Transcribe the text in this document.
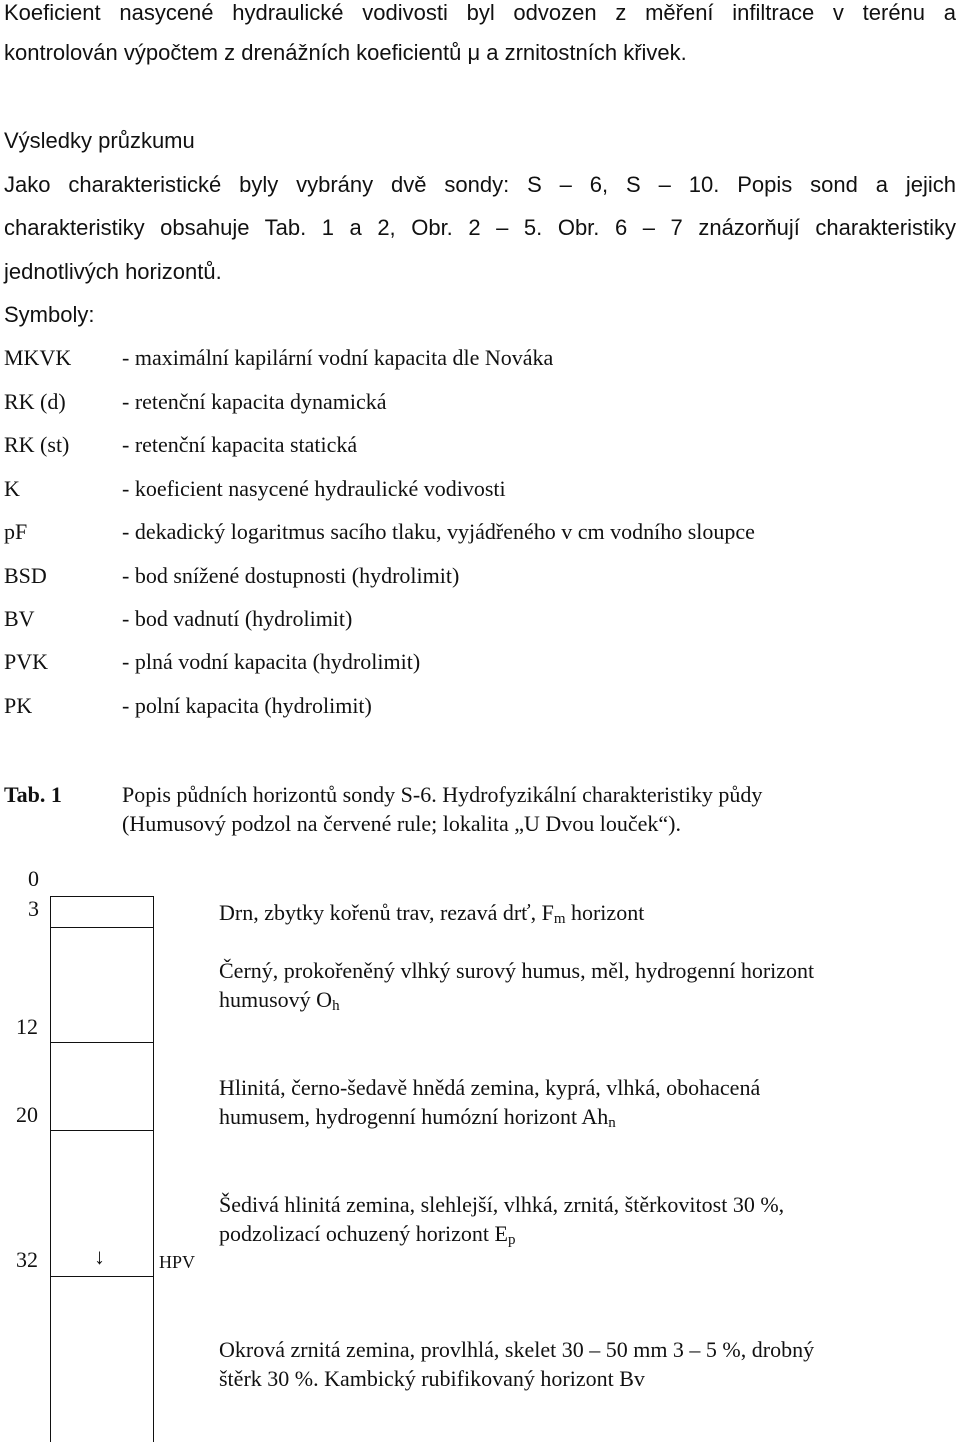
Koeficient nasycené hydraulické vodivosti byl odvozen z měření infiltrace v terénu a
kontrolován výpočtem z drenážních koeficientů μ a zrnitostních křivek.
Výsledky průzkumu
Jako charakteristické byly vybrány dvě sondy: S – 6, S – 10. Popis sond a jejich
charakteristiky obsahuje Tab. 1 a 2, Obr. 2 – 5. Obr. 6 – 7 znázorňují charakteristiky
jednotlivých horizontů.
Symboly:
MKVK - maximální kapilární vodní kapacita dle Nováka
RK (d)	- retenční kapacita dynamická
RK (st) - retenční kapacita statická
K	- koeficient nasycené hydraulické vodivosti
pF	- dekadický logaritmus sacího tlaku, vyjádřeného v cm vodního sloupce
BSD	- bod snížené dostupnosti (hydrolimit)
BV	- bod vadnutí (hydrolimit)
PVK	- plná vodní kapacita (hydrolimit)
PK	- polní kapacita (hydrolimit)
Tab. 1	Popis půdních horizontů sondy S-6. Hydrofyzikální charakteristiky půdy
(Humusový podzol na červené rule; lokalita „U Dvou louček“).
0
3
12
20
32	↓	HPV
Drn, zbytky kořenů trav, rezavá drť, $F_m$ horizont
Černý, prokořeněný vlhký surový humus, měl, hydrogenní horizont
humusový $O_h$
Hlinitá, černo-šedavě hnědá zemina, kyprá, vlhká, obohacená
humusem, hydrogenní humózní horizont $Ah_n$
Šedivá hlinitá zemina, slehlejší, vlhká, zrnitá, štěrkovitost 30 %,
podzolizací ochuzený horizont $E_p$
Okrová zrnitá zemina, provlhlá, skelet 30 – 50 mm 3 – 5 %, drobný
štěrk 30 %. Kambický rubifikovaný horizont Bv
